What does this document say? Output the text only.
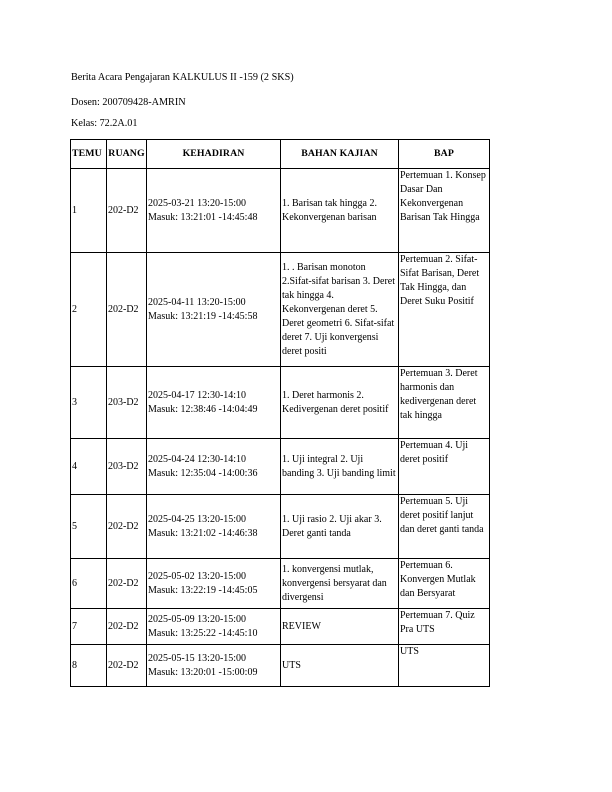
Berita Acara Pengajaran KALKULUS II -159 (2 SKS)
Dosen: 200709428-AMRIN
Kelas: 72.2A.01
TEMU	RUANG	KEHADIRAN	BAHAN KAJIAN	BAP
1	202-D2	2025-03-21 13:20-15:00
Masuk: 13:21:01 -14:45:48	1. Barisan tak hingga 2. Kekonvergenan barisan	Pertemuan 1. Konsep Dasar Dan Kekonvergenan Barisan Tak Hingga
2	202-D2	2025-04-11 13:20-15:00
Masuk: 13:21:19 -14:45:58	1. . Barisan monoton 2.Sifat-sifat barisan 3. Deret tak hingga 4. Kekonvergenan deret 5. Deret geometri 6. Sifat-sifat deret 7. Uji konvergensi deret positi	Pertemuan 2. Sifat-Sifat Barisan, Deret Tak Hingga, dan Deret Suku Positif
3	203-D2	2025-04-17 12:30-14:10
Masuk: 12:38:46 -14:04:49	1. Deret harmonis 2. Kedivergenan deret positif	Pertemuan 3. Deret harmonis dan kedivergenan deret tak hingga
4	203-D2	2025-04-24 12:30-14:10
Masuk: 12:35:04 -14:00:36	1. Uji integral 2. Uji banding 3. Uji banding limit	Pertemuan 4. Uji deret positif
5	202-D2	2025-04-25 13:20-15:00
Masuk: 13:21:02 -14:46:38	1. Uji rasio 2. Uji akar 3. Deret ganti tanda	Pertemuan 5. Uji deret positif lanjut dan deret ganti tanda
6	202-D2	2025-05-02 13:20-15:00
Masuk: 13:22:19 -14:45:05	1. konvergensi mutlak, konvergensi bersyarat dan divergensi	Pertemuan 6. Konvergen Mutlak dan Bersyarat
7	202-D2	2025-05-09 13:20-15:00
Masuk: 13:25:22 -14:45:10	REVIEW	Pertemuan 7. Quiz Pra UTS
8	202-D2	2025-05-15 13:20-15:00
Masuk: 13:20:01 -15:00:09	UTS	UTS
